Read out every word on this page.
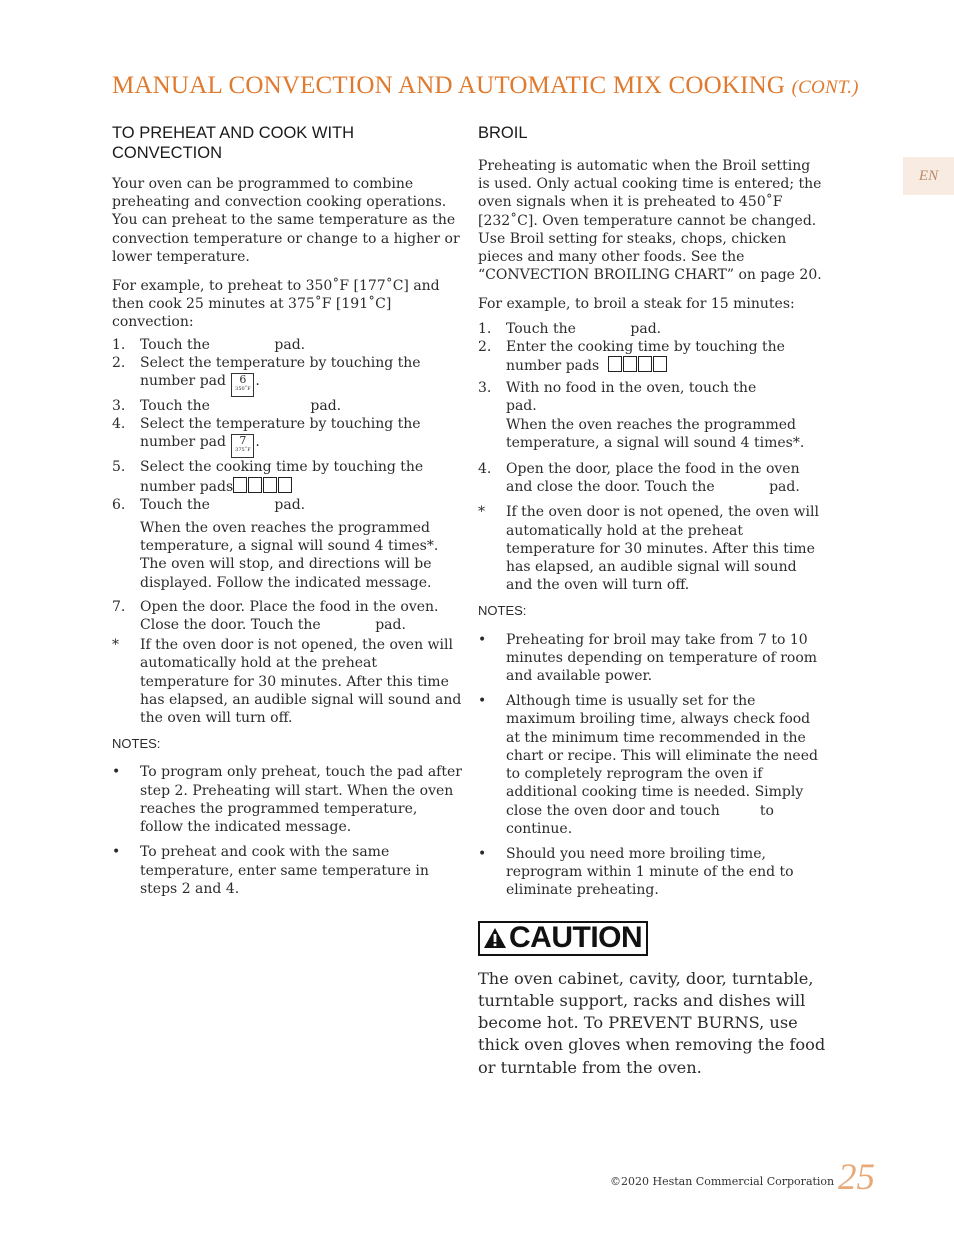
MANUAL CONVECTION AND AUTOMATIC MIX COOKING (CONT.)
EN
TO PREHEAT AND COOK WITH CONVECTION

Your oven can be programmed to combine preheating and convection cooking operations. You can preheat to the same temperature as the convection temperature or change to a higher or lower temperature.

For example, to preheat to 350˚F [177˚C] and then cook 25 minutes at 375˚F [191˚C] convection:

1. Touch the	pad.
2. Select the temperature by touching the number pad 6
350˚F .
3. Touch the	pad.
4. Select the temperature by touching the number pad 7
375˚F .
5. Select the cooking time by touching the number pads
6. Touch the	pad.

When the oven reaches the programmed temperature, a signal will sound 4 times*. The oven will stop, and directions will be displayed. Follow the indicated message.

7. Open the door. Place the food in the oven. Close the door. Touch the	pad.

* If the oven door is not opened, the oven will automatically hold at the preheat temperature for 30 minutes. After this time has elapsed, an audible signal will sound and the oven will turn off.

NOTES:

• To program only preheat, touch the pad after step 2. Preheating will start. When the oven reaches the programmed temperature, follow the indicated message.
• To preheat and cook with the same temperature, enter same temperature in steps 2 and 4.
BROIL

Preheating is automatic when the Broil setting is used. Only actual cooking time is entered; the oven signals when it is preheated to 450˚F [232˚C]. Oven temperature cannot be changed. Use Broil setting for steaks, chops, chicken pieces and many other foods. See the “CONVECTION BROILING CHART” on page 20.

For example, to broil a steak for 15 minutes:

1. Touch the	pad.
2. Enter the cooking time by touching the number pads
3. With no food in the oven, touch the
pad.
When the oven reaches the programmed temperature, a signal will sound 4 times*.
4. Open the door, place the food in the oven and close the door. Touch the	pad.

* If the oven door is not opened, the oven will automatically hold at the preheat temperature for 30 minutes. After this time has elapsed, an audible signal will sound and the oven will turn off.

NOTES:

• Preheating for broil may take from 7 to 10 minutes depending on temperature of room and available power.
• Although time is usually set for the maximum broiling time, always check food at the minimum time recommended in the chart or recipe. This will eliminate the need to completely reprogram the oven if additional cooking time is needed. Simply close the oven door and touch	to continue.
• Should you need more broiling time, reprogram within 1 minute of the end to eliminate preheating.
CAUTION

The oven cabinet, cavity, door, turntable, turntable support, racks and dishes will become hot. To PREVENT BURNS, use thick oven gloves when removing the food or turntable from the oven.

©2020 Hestan Commercial Corporation 25
